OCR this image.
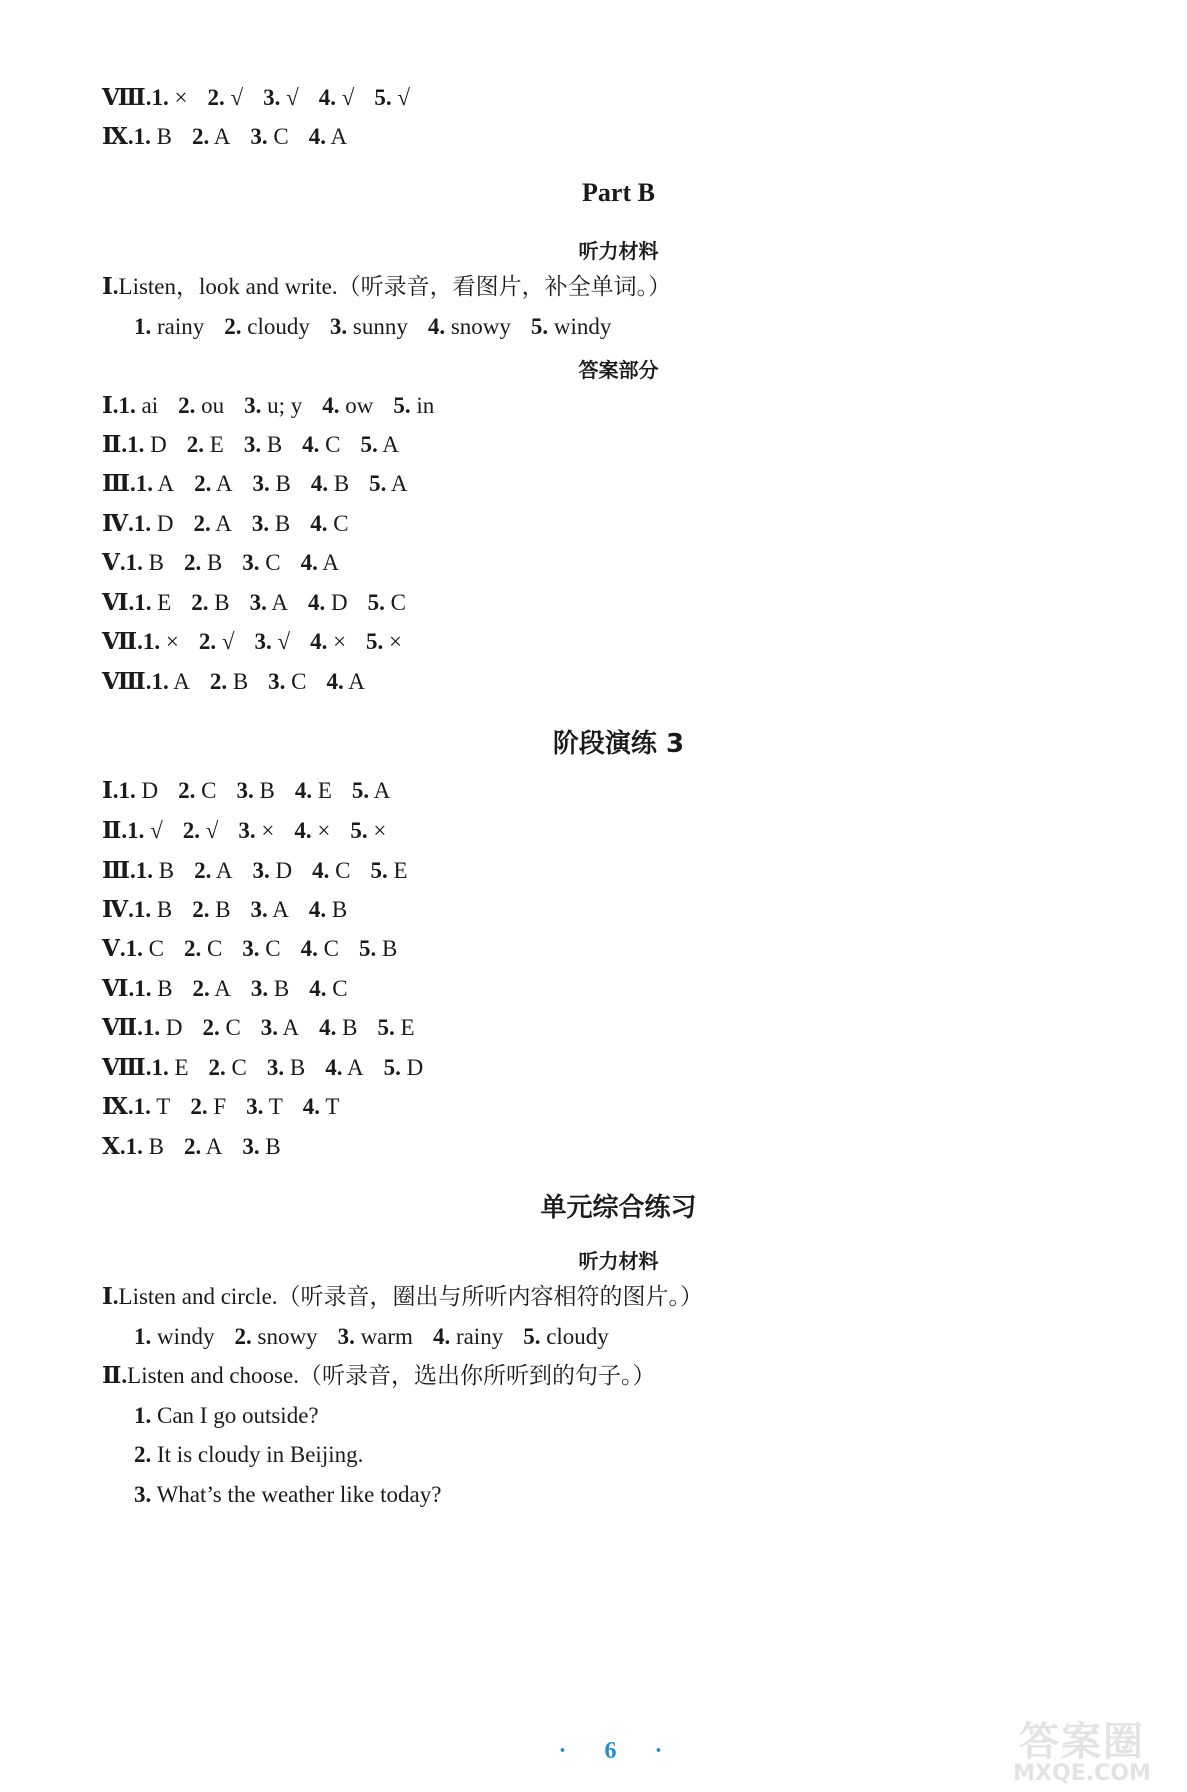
Ⅷ.1. × 2. √ 3. √ 4. √ 5. √
Ⅸ.1. B 2. A 3. C 4. A
Part B
听力材料
Ⅰ.Listen，look and write.（听录音，看图片，补全单词。）
1. rainy 2. cloudy 3. sunny 4. snowy 5. windy
答案部分
Ⅰ.1. ai 2. ou 3. u; y 4. ow 5. in
Ⅱ.1. D 2. E 3. B 4. C 5. A
Ⅲ.1. A 2. A 3. B 4. B 5. A
Ⅳ.1. D 2. A 3. B 4. C
Ⅴ.1. B 2. B 3. C 4. A
Ⅵ.1. E 2. B 3. A 4. D 5. C
Ⅶ.1. × 2. √ 3. √ 4. × 5. ×
Ⅷ.1. A 2. B 3. C 4. A
阶段演练 3
Ⅰ.1. D 2. C 3. B 4. E 5. A
Ⅱ.1. √ 2. √ 3. × 4. × 5. ×
Ⅲ.1. B 2. A 3. D 4. C 5. E
Ⅳ.1. B 2. B 3. A 4. B
Ⅴ.1. C 2. C 3. C 4. C 5. B
Ⅵ.1. B 2. A 3. B 4. C
Ⅶ.1. D 2. C 3. A 4. B 5. E
Ⅷ.1. E 2. C 3. B 4. A 5. D
Ⅸ.1. T 2. F 3. T 4. T
Ⅹ.1. B 2. A 3. B
单元综合练习
听力材料
Ⅰ.Listen and circle.（听录音，圈出与所听内容相符的图片。）
1. windy 2. snowy 3. warm 4. rainy 5. cloudy
Ⅱ.Listen and choose.（听录音，选出你所听到的句子。）
1. Can I go outside?
2. It is cloudy in Beijing.
3. What’s the weather like today?
· 6 ·	答案圈
MXQE.COM
